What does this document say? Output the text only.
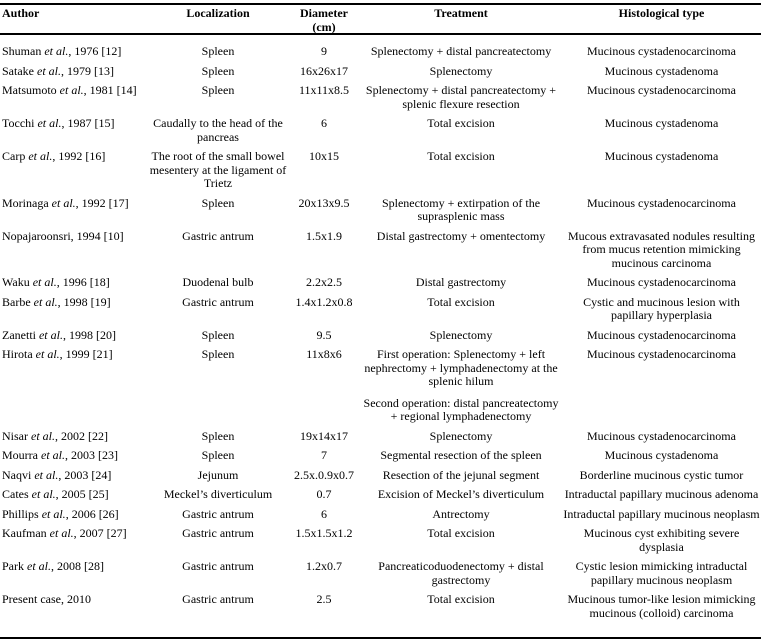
Author	Localization	Diameter (cm)	Treatment	Histological type
Shuman et al., 1976 [12]	Spleen	9	Splenectomy + distal pancreatectomy	Mucinous cystadenocarcinoma
Satake et al., 1979 [13]	Spleen	16x26x17	Splenectomy	Mucinous cystadenoma
Matsumoto et al., 1981 [14]	Spleen	11x11x8.5	Splenectomy + distal pancreatectomy + splenic flexure resection	Mucinous cystadenocarcinoma
Tocchi et al., 1987 [15]	Caudally to the head of the pancreas	6	Total excision	Mucinous cystadenoma
Carp et al., 1992 [16]	The root of the small bowel mesentery at the ligament of Trietz	10x15	Total excision	Mucinous cystadenoma
Morinaga et al., 1992 [17]	Spleen	20x13x9.5	Splenectomy + extirpation of the suprasplenic mass	Mucinous cystadenocarcinoma
Nopajaroonsri, 1994 [10]	Gastric antrum	1.5x1.9	Distal gastrectomy + omentectomy	Mucous extravasated nodules resulting from mucus retention mimicking mucinous carcinoma
Waku et al., 1996 [18]	Duodenal bulb	2.2x2.5	Distal gastrectomy	Mucinous cystadenocarcinoma
Barbe et al., 1998 [19]	Gastric antrum	1.4x1.2x0.8	Total excision	Cystic and mucinous lesion with papillary hyperplasia
Zanetti et al., 1998 [20]	Spleen	9.5	Splenectomy	Mucinous cystadenocarcinoma
Hirota et al., 1999 [21]	Spleen	11x8x6	First operation: Splenectomy + left nephrectomy + lymphadenectomy at the splenic hilum	Mucinous cystadenocarcinoma
			Second operation: distal pancreatectomy + regional lymphadenectomy	
Nisar et al., 2002 [22]	Spleen	19x14x17	Splenectomy	Mucinous cystadenocarcinoma
Mourra et al., 2003 [23]	Spleen	7	Segmental resection of the spleen	Mucinous cystadenoma
Naqvi et al., 2003 [24]	Jejunum	2.5x.0.9x0.7	Resection of the jejunal segment	Borderline mucinous cystic tumor
Cates et al., 2005 [25]	Meckel’s diverticulum	0.7	Excision of Meckel’s diverticulum	Intraductal papillary mucinous adenoma
Phillips et al., 2006 [26]	Gastric antrum	6	Antrectomy	Intraductal papillary mucinous neoplasm
Kaufman et al., 2007 [27]	Gastric antrum	1.5x1.5x1.2	Total excision	Mucinous cyst exhibiting severe dysplasia
Park et al., 2008 [28]	Gastric antrum	1.2x0.7	Pancreaticoduodenectomy + distal gastrectomy	Cystic lesion mimicking intraductal papillary mucinous neoplasm
Present case, 2010	Gastric antrum	2.5	Total excision	Mucinous tumor-like lesion mimicking mucinous (colloid) carcinoma
